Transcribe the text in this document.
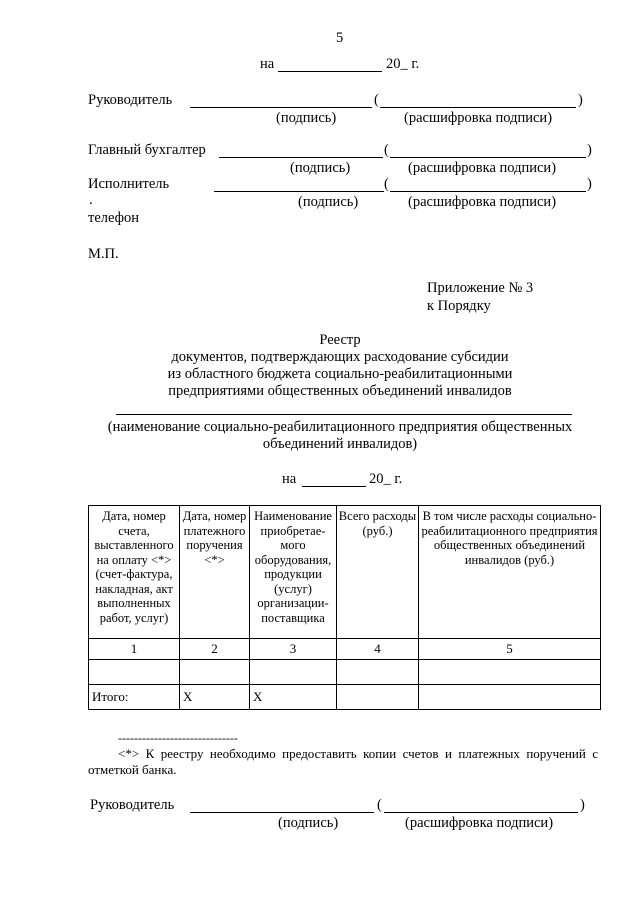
5
на	20_ г.
Руководитель	(	)
(подпись)	(расшифровка подписи)
Главный бухгалтер	(	)
(подпись)	(расшифровка подписи)
Исполнитель	(	)
(подпись)	(расшифровка подписи)
.
телефон
М.П.
Приложение № 3
к Порядку
Реестр
документов, подтверждающих расходование субсидии
из областного бюджета социально-реабилитационными
предприятиями общественных объединений инвалидов
(наименование социально-реабилитационного предприятия общественных
объединений инвалидов)
на	20_ г.
Дата, номер счета, выставленного на оплату <*> (счет-фактура, накладная, акт выполненных работ, услуг)	Дата, номер платежного поручения <*>	Наименование приобретае-мого оборудования, продукции (услуг) организации-поставщика	Всего расходы (руб.)	В том числе расходы социально-реабилитационного предприятия общественных объединений инвалидов (руб.)
1	2	3	4	5

Итого:	X	X		
------------------------------
<*> К реестру необходимо предоставить копии счетов и платежных поручений с отметкой банка.
Руководитель	(	)
(подпись)	(расшифровка подписи)
